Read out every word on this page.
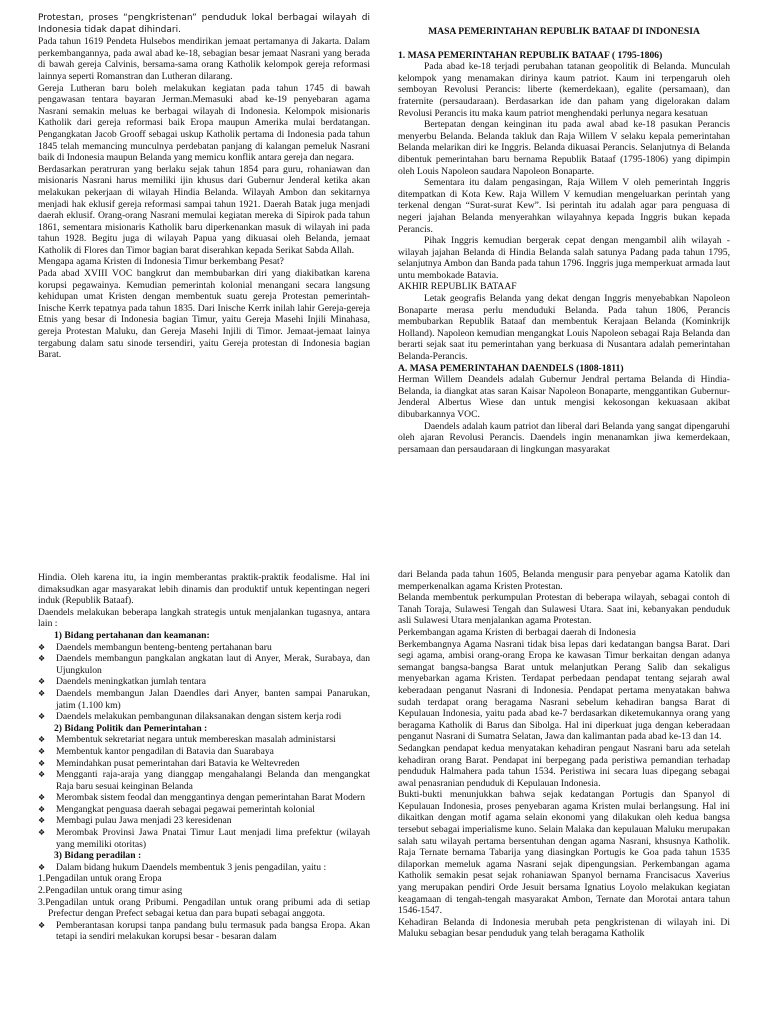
Protestan, proses “pengkristenan” penduduk lokal berbagai wilayah di Indonesia tidak dapat dihindari.

Pada tahun 1619 Pendeta Hulsebos mendirikan jemaat pertamanya di Jakarta. Dalam perkembangannya, pada awal abad ke-18, sebagian besar jemaat Nasrani yang berada di bawah gereja Calvinis, bersama-sama orang Katholik kelompok gereja reformasi lainnya seperti Romanstran dan Lutheran dilarang.

Gereja Lutheran baru boleh melakukan kegiatan pada tahun 1745 di bawah pengawasan tentara bayaran Jerman.Memasuki abad ke-19 penyebaran agama Nasrani semakin meluas ke berbagai wilayah di Indonesia. Kelompok misionaris Katholik dari gereja reformasi baik Eropa maupun Amerika mulai berdatangan. Pengangkatan Jacob Grooff sebagai uskup Katholik pertama di Indonesia pada tahun 1845 telah memancing munculnya perdebatan panjang di kalangan pemeluk Nasrani baik di Indonesia maupun Belanda yang memicu konflik antara gereja dan negara.

Berdasarkan peratruran yang berlaku sejak tahun 1854 para guru, rohaniawan dan misionaris Nasrani harus memiliki ijin khusus dari Gubernur Jenderal ketika akan melakukan pekerjaan di wilayah Hindia Belanda. Wilayah Ambon dan sekitarnya menjadi hak eklusif gereja reformasi sampai tahun 1921. Daerah Batak juga menjadi daerah eklusif. Orang-orang Nasrani memulai kegiatan mereka di Sipirok pada tahun 1861, sementara misionaris Katholik baru diperkenankan masuk di wilayah ini pada tahun 1928. Begitu juga di wilayah Papua yang dikuasai oleh Belanda, jemaat Katholik di Flores dan Timor bagian barat diserahkan kepada Serikat Sabda Allah.

Mengapa agama Kristen di Indonesia Timur berkembang Pesat?

Pada abad XVIII VOC bangkrut dan membubarkan diri yang diakibatkan karena korupsi pegawainya. Kemudian pemerintah kolonial menangani secara langsung kehidupan umat Kristen dengan membentuk suatu gereja Protestan pemerintah-Inische Kerrk tepatnya pada tahun 1835. Dari Inische Kerrk inilah lahir Gereja-gereja Etnis yang besar di Indonesia bagian Timur, yaitu Gereja Masehi Injili Minahasa, gereja Protestan Maluku, dan Gereja Masehi Injili di Timor. Jemaat-jemaat lainya tergabung dalam satu sinode tersendiri, yaitu Gereja protestan di Indonesia bagian Barat.

MASA PEMERINTAHAN REPUBLIK BATAAF DI INDONESIA

1. MASA PEMERINTAHAN REPUBLIK BATAAF ( 1795-1806)

Pada abad ke-18 terjadi perubahan tatanan geopolitik di Belanda. Munculah kelompok yang menamakan dirinya kaum patriot. Kaum ini terpengaruh oleh semboyan Revolusi Perancis: liberte (kemerdekaan), egalite (persamaan), dan fraternite (persaudaraan). Berdasarkan ide dan paham yang digelorakan dalam Revolusi Perancis itu maka kaum patriot menghendaki perlunya negara kesatuan

Bertepatan dengan keinginan itu pada awal abad ke-18 pasukan Perancis menyerbu Belanda. Belanda takluk dan Raja Willem V selaku kepala pemerintahan Belanda melarikan diri ke Inggris. Belanda dikuasai Perancis. Selanjutnya di Belanda dibentuk pemerintahan baru bernama Republik Bataaf (1795-1806) yang dipimpin oleh Louis Napoleon saudara Napoleon Bonaparte.

Sementara itu dalam pengasingan, Raja Willem V oleh pemerintah Inggris ditempatkan di Kota Kew. Raja Willem V kemudian mengeluarkan perintah yang terkenal dengan “Surat-surat Kew”. Isi perintah itu adalah agar para penguasa di negeri jajahan Belanda menyerahkan wilayahnya kepada Inggris bukan kepada Perancis.

Pihak Inggris kemudian bergerak cepat dengan mengambil alih wilayah - wilayah jajahan Belanda di Hindia Belanda salah satunya Padang pada tahun 1795, selanjutnya Ambon dan Banda pada tahun 1796. Inggris juga memperkuat armada laut untu membokade Batavia.

AKHIR REPUBLIK BATAAF

Letak geografis Belanda yang dekat dengan Inggris menyebabkan Napoleon Bonaparte merasa perlu menduduki Belanda. Pada tahun 1806, Perancis membubarkan Republik Bataaf dan membentuk Kerajaan Belanda (Kominkrijk Holland). Napoleon kemudian mengangkat Louis Napoleon sebagai Raja Belanda dan berarti sejak saat itu pemerintahan yang berkuasa di Nusantara adalah pemerintahan Belanda-Perancis.

A. MASA PEMERINTAHAN DAENDELS (1808-1811)

Herman Willem Deandels adalah Gubernur Jendral pertama Belanda di Hindia-Belanda, ia diangkat atas saran Kaisar Napoleon Bonaparte, menggantikan Gubernur-Jenderal Albertus Wiese dan untuk mengisi kekosongan kekuasaan akibat dibubarkannya VOC.

Daendels adalah kaum patriot dan liberal dari Belanda yang sangat dipengaruhi oleh ajaran Revolusi Perancis. Daendels ingin menanamkan jiwa kemerdekaan, persamaan dan persaudaraan di lingkungan masyarakat

Hindia. Oleh karena itu, ia ingin memberantas praktik-praktik feodalisme. Hal ini dimaksudkan agar masyarakat lebih dinamis dan produktif untuk kepentingan negeri induk (Republik Bataaf).

Daendels melakukan beberapa langkah strategis untuk menjalankan tugasnya, antara lain :

1) Bidang pertahanan dan keamanan:

❖ Daendels membangun benteng-benteng pertahanan baru

❖ Daendels membangun pangkalan angkatan laut di Anyer, Merak, Surabaya, dan Ujungkulon

❖ Daendels meningkatkan jumlah tentara

❖ Daendels membangun Jalan Daendles dari Anyer, banten sampai Panarukan, jatim (1.100 km)

❖ Daendels melakukan pembangunan dilaksanakan dengan sistem kerja rodi

2) Bidang Politik dan Pemerintahan :

❖ Membentuk sekretariat negara untuk membereskan masalah administarsi

❖ Membentuk kantor pengadilan di Batavia dan Suarabaya

❖ Memindahkan pusat pemerintahan dari Batavia ke Weltevreden

❖ Mengganti raja-araja yang dianggap mengahalangi Belanda dan mengangkat Raja baru sesuai keinginan Belanda

❖ Merombak sistem feodal dan menggantinya dengan pemerintahan Barat Modern

❖ Mengangkat penguasa daerah sebagai pegawai pemerintah kolonial

❖ Membagi pulau Jawa menjadi 23 keresidenan

❖ Merombak Provinsi Jawa Pnatai Timur Laut menjadi lima prefektur (wilayah yang memiliki otoritas)

3) Bidang peradilan :

❖ Dalam bidang hukum Daendels membentuk 3 jenis pengadilan, yaitu :

1.Pengadilan untuk orang Eropa

2.Pengadilan untuk orang timur asing

3.Pengadilan untuk orang Pribumi. Pengadilan untuk orang pribumi ada di setiap Prefectur dengan Prefect sebagai ketua dan para bupati sebagai anggota.

❖ Pemberantasan korupsi tanpa pandang bulu termasuk pada bangsa Eropa. Akan tetapi ia sendiri melakukan korupsi besar - besaran dalam

dari Belanda pada tahun 1605, Belanda mengusir para penyebar agama Katolik dan memperkenalkan agama Kristen Protestan.

Belanda membentuk perkumpulan Protestan di beberapa wilayah, sebagai contoh di Tanah Toraja, Sulawesi Tengah dan Sulawesi Utara. Saat ini, kebanyakan penduduk asli Sulawesi Utara menjalankan agama Protestan.

Perkembangan agama Kristen di berbagai daerah di Indonesia

Berkembangnya Agama Nasrani tidak bisa lepas dari kedatangan bangsa Barat. Dari segi agama, ambisi orang-orang Eropa ke kawasan Timur berkaitan dengan adanya semangat bangsa-bangsa Barat untuk melanjutkan Perang Salib dan sekaligus menyebarkan agama Kristen. Terdapat perbedaan pendapat tentang sejarah awal keberadaan penganut Nasrani di Indonesia. Pendapat pertama menyatakan bahwa sudah terdapat orang beragama Nasrani sebelum kehadiran bangsa Barat di Kepulauan Indonesia, yaitu pada abad ke-7 berdasarkan diketemukannya orang yang beragama Katholik di Barus dan Sibolga. Hal ini diperkuat juga dengan keberadaan penganut Nasrani di Sumatra Selatan, Jawa dan kalimantan pada abad ke-13 dan 14.

Sedangkan pendapat kedua menyatakan kehadiran pengaut Nasrani baru ada setelah kehadiran orang Barat. Pendapat ini berpegang pada peristiwa pemandian terhadap penduduk Halmahera pada tahun 1534. Peristiwa ini secara luas dipegang sebagai awal penasranian penduduk di Kepulauan Indonesia.

Bukti-bukti menunjukkan bahwa sejak kedatangan Portugis dan Spanyol di Kepulauan Indonesia, proses penyebaran agama Kristen mulai berlangsung. Hal ini dikaitkan dengan motif agama selain ekonomi yang dilakukan oleh kedua bangsa tersebut sebagai imperialisme kuno. Selain Malaka dan kepulauan Maluku merupakan salah satu wilayah pertama bersentuhan dengan agama Nasrani, khsusnya Katholik. Raja Ternate bernama Tabarija yang diasingkan Portugis ke Goa pada tahun 1535 dilaporkan memeluk agama Nasrani sejak dipengungsian. Perkembangan agama Katholik semakin pesat sejak rohaniawan Spanyol bernama Francisacus Xaverius yang merupakan pendiri Orde Jesuit bersama Ignatius Loyolo melakukan kegiatan keagamaan di tengah-tengah masyarakat Ambon, Ternate dan Morotai antara tahun 1546-1547.

Kehadiran Belanda di Indonesia merubah peta pengkristenan di wilayah ini. Di Maluku sebagian besar penduduk yang telah beragama Katholik
